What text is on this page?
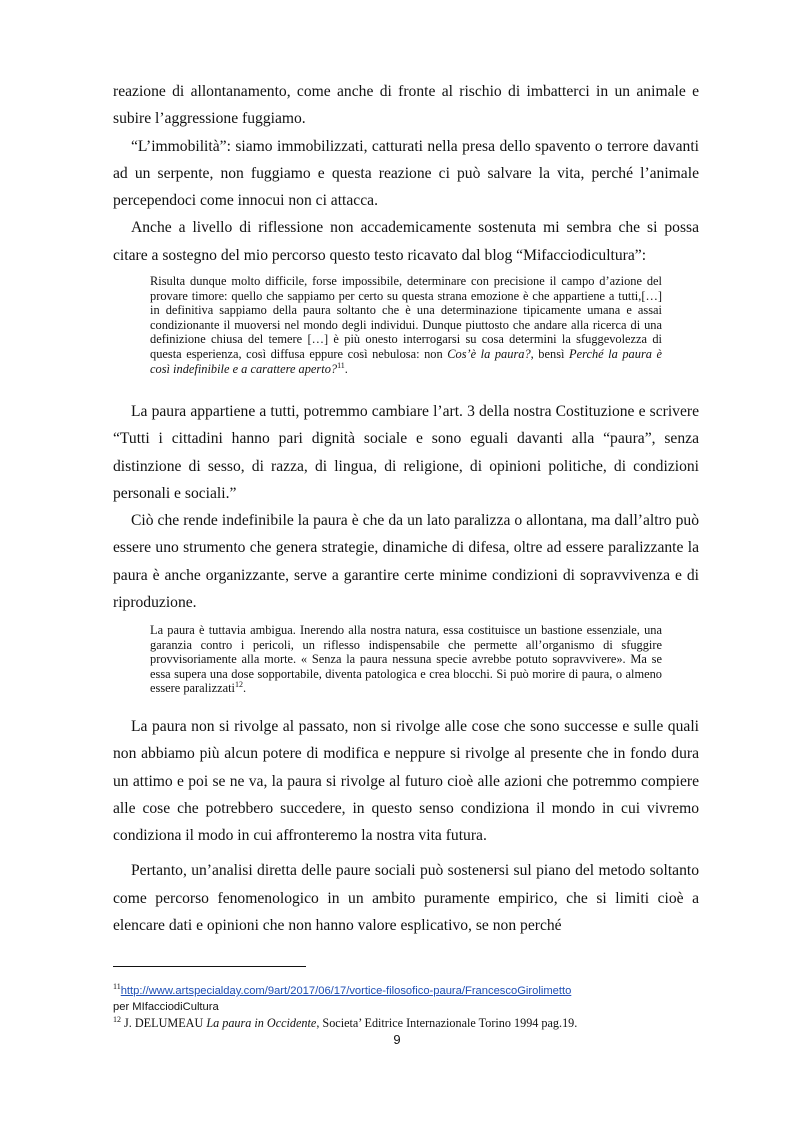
reazione di allontanamento, come anche di fronte al rischio di imbatterci in un animale e subire l’aggressione fuggiamo.

“L’immobilità”: siamo immobilizzati, catturati nella presa dello spavento o terrore davanti ad un serpente, non fuggiamo e questa reazione ci può salvare la vita, perché l’animale percependoci come innocui non ci attacca.

Anche a livello di riflessione non accademicamente sostenuta mi sembra che si possa citare a sostegno del mio percorso questo testo ricavato dal blog “Mifacciodicultura”:

Risulta dunque molto difficile, forse impossibile, determinare con precisione il campo d’azione del provare timore: quello che sappiamo per certo su questa strana emozione è che appartiene a tutti,[…] in definitiva sappiamo della paura soltanto che è una determinazione tipicamente umana e assai condizionante il muoversi nel mondo degli individui. Dunque piuttosto che andare alla ricerca di una definizione chiusa del temere […] è più onesto interrogarsi su cosa determini la sfuggevolezza di questa esperienza, così diffusa eppure così nebulosa: non Cos’è la paura?, bensì Perché la paura è così indefinibile e a carattere aperto?$^{11}$.

La paura appartiene a tutti, potremmo cambiare l’art. 3 della nostra Costituzione e scrivere “Tutti i cittadini hanno pari dignità sociale e sono eguali davanti alla “paura”, senza distinzione di sesso, di razza, di lingua, di religione, di opinioni politiche, di condizioni personali e sociali.”

Ciò che rende indefinibile la paura è che da un lato paralizza o allontana, ma dall’altro può essere uno strumento che genera strategie, dinamiche di difesa, oltre ad essere paralizzante la paura è anche organizzante, serve a garantire certe minime condizioni di sopravvivenza e di riproduzione.

La paura è tuttavia ambigua. Inerendo alla nostra natura, essa costituisce un bastione essenziale, una garanzia contro i pericoli, un riflesso indispensabile che permette all’organismo di sfuggire provvisoriamente alla morte. « Senza la paura nessuna specie avrebbe potuto sopravvivere». Ma se essa supera una dose sopportabile, diventa patologica e crea blocchi. Si può morire di paura, o almeno essere paralizzati$^{12}$.

La paura non si rivolge al passato, non si rivolge alle cose che sono successe e sulle quali non abbiamo più alcun potere di modifica e neppure si rivolge al presente che in fondo dura un attimo e poi se ne va, la paura si rivolge al futuro cioè alle azioni che potremmo compiere alle cose che potrebbero succedere, in questo senso condiziona il mondo in cui vivremo condiziona il modo in cui affronteremo la nostra vita futura.

Pertanto, un’analisi diretta delle paure sociali può sostenersi sul piano del metodo soltanto come percorso fenomenologico in un ambito puramente empirico, che si limiti cioè a elencare dati e opinioni che non hanno valore esplicativo, se non perché

$^{11}$http://www.artspecialday.com/9art/2017/06/17/vortice-filosofico-paura/FrancescoGirolimetto

per MIfacciodiCultura

$^{12}$ J. DELUMEAU La paura in Occidente, Societa’ Editrice Internazionale Torino 1994 pag.19.

9
